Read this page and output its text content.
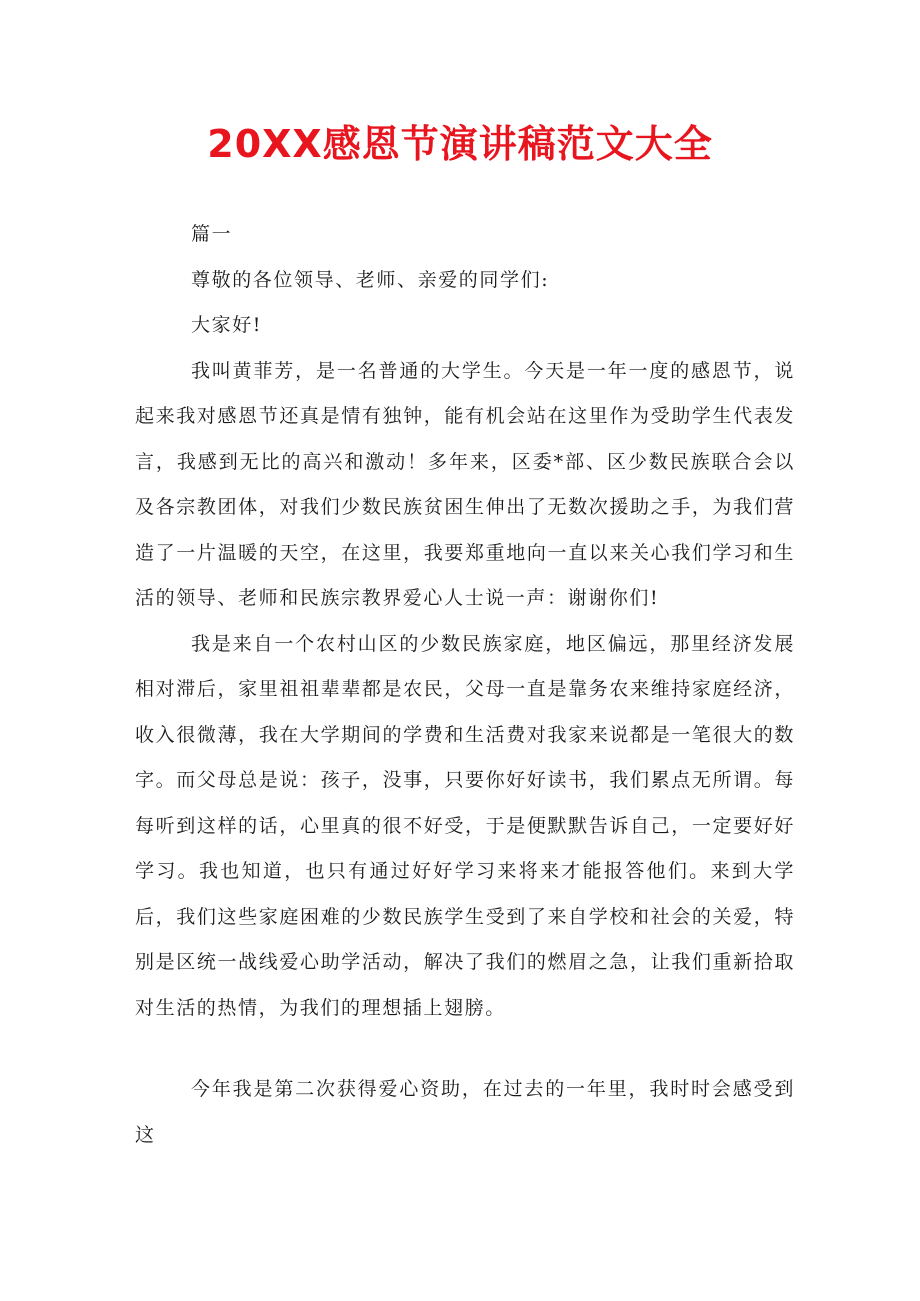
20XX感恩节演讲稿范文大全

篇一

尊敬的各位领导、老师、亲爱的同学们:

大家好!

我叫黄菲芳，是一名普通的大学生。今天是一年一度的感恩节，说起来我对感恩节还真是情有独钟，能有机会站在这里作为受助学生代表发言，我感到无比的高兴和激动！多年来，区委*部、区少数民族联合会以及各宗教团体，对我们少数民族贫困生伸出了无数次援助之手，为我们营造了一片温暖的天空，在这里，我要郑重地向一直以来关心我们学习和生活的领导、老师和民族宗教界爱心人士说一声：谢谢你们!

我是来自一个农村山区的少数民族家庭，地区偏远，那里经济发展相对滞后，家里祖祖辈辈都是农民，父母一直是靠务农来维持家庭经济，收入很微薄，我在大学期间的学费和生活费对我家来说都是一笔很大的数字。而父母总是说：孩子，没事，只要你好好读书，我们累点无所谓。每每听到这样的话，心里真的很不好受，于是便默默告诉自己，一定要好好学习。我也知道，也只有通过好好学习来将来才能报答他们。来到大学后，我们这些家庭困难的少数民族学生受到了来自学校和社会的关爱，特别是区统一战线爱心助学活动，解决了我们的燃眉之急，让我们重新拾取对生活的热情，为我们的理想插上翅膀。

今年我是第二次获得爱心资助，在过去的一年里，我时时会感受到这
